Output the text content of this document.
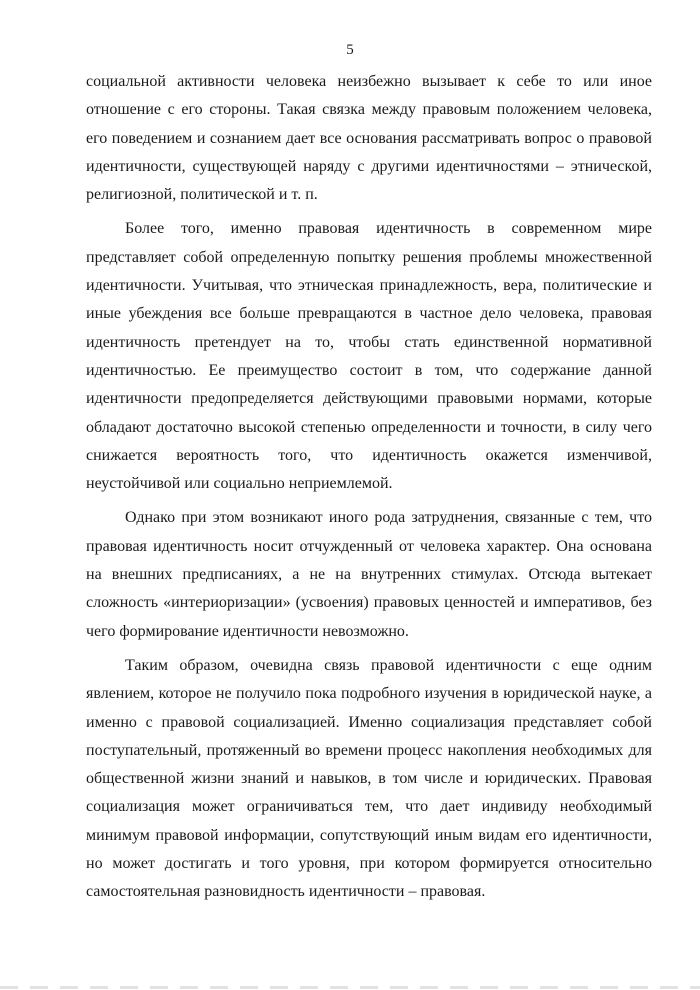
5

социальной активности человека неизбежно вызывает к себе то или иное отношение с его стороны. Такая связка между правовым положением человека, его поведением и сознанием дает все основания рассматривать вопрос о правовой идентичности, существующей наряду с другими идентичностями – этнической, религиозной, политической и т. п.

Более того, именно правовая идентичность в современном мире представляет собой определенную попытку решения проблемы множественной идентичности. Учитывая, что этническая принадлежность, вера, политические и иные убеждения все больше превращаются в частное дело человека, правовая идентичность претендует на то, чтобы стать единственной нормативной идентичностью. Ее преимущество состоит в том, что содержание данной идентичности предопределяется действующими правовыми нормами, которые обладают достаточно высокой степенью определенности и точности, в силу чего снижается вероятность того, что идентичность окажется изменчивой, неустойчивой или социально неприемлемой.

Однако при этом возникают иного рода затруднения, связанные с тем, что правовая идентичность носит отчужденный от человека характер. Она основана на внешних предписаниях, а не на внутренних стимулах. Отсюда вытекает сложность «интериоризации» (усвоения) правовых ценностей и императивов, без чего формирование идентичности невозможно.

Таким образом, очевидна связь правовой идентичности с еще одним явлением, которое не получило пока подробного изучения в юридической науке, а именно с правовой социализацией. Именно социализация представляет собой поступательный, протяженный во времени процесс накопления необходимых для общественной жизни знаний и навыков, в том числе и юридических. Правовая социализация может ограничиваться тем, что дает индивиду необходимый минимум правовой информации, сопутствующий иным видам его идентичности, но может достигать и того уровня, при котором формируется относительно самостоятельная разновидность идентичности – правовая.
